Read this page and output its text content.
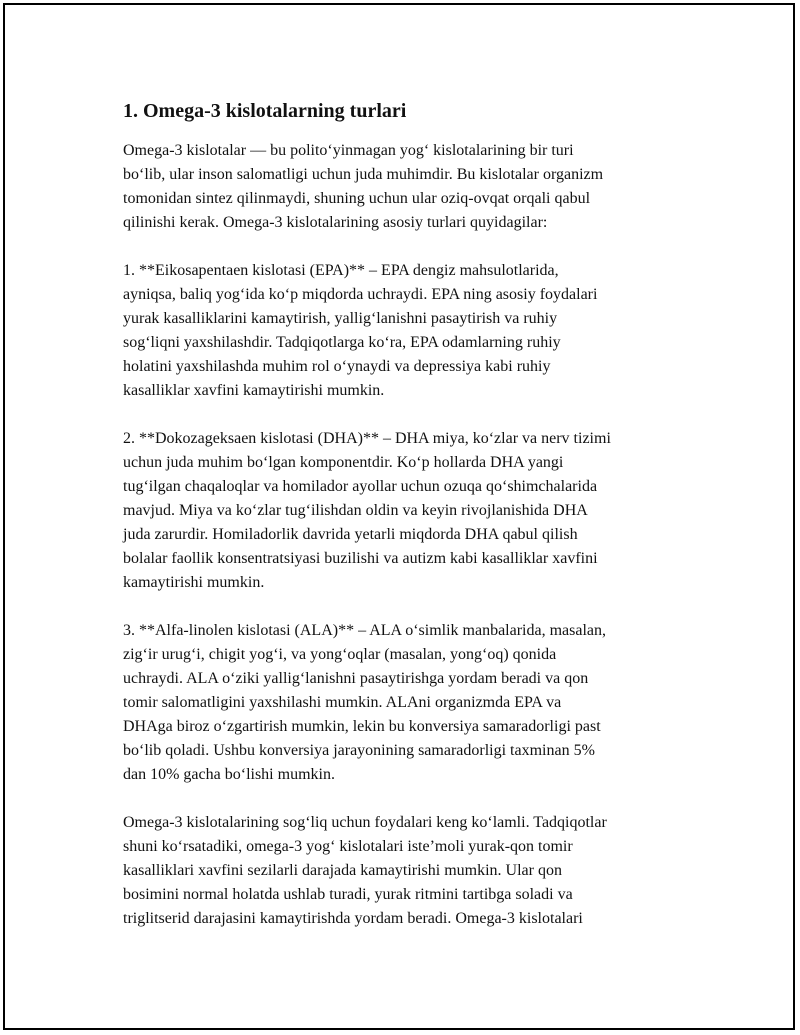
1. Omega-3 kislotalarning turlari

Omega-3 kislotalar — bu polito‘yinmagan yog‘ kislotalarining bir turi
bo‘lib, ular inson salomatligi uchun juda muhimdir. Bu kislotalar organizm
tomonidan sintez qilinmaydi, shuning uchun ular oziq-ovqat orqali qabul
qilinishi kerak. Omega-3 kislotalarining asosiy turlari quyidagilar:

1. **Eikosapentaen kislotasi (EPA)** – EPA dengiz mahsulotlarida,
ayniqsa, baliq yog‘ida ko‘p miqdorda uchraydi. EPA ning asosiy foydalari
yurak kasalliklarini kamaytirish, yallig‘lanishni pasaytirish va ruhiy
sog‘liqni yaxshilashdir. Tadqiqotlarga ko‘ra, EPA odamlarning ruhiy
holatini yaxshilashda muhim rol o‘ynaydi va depressiya kabi ruhiy
kasalliklar xavfini kamaytirishi mumkin.

2. **Dokozageksaen kislotasi (DHA)** – DHA miya, ko‘zlar va nerv tizimi
uchun juda muhim bo‘lgan komponentdir. Ko‘p hollarda DHA yangi
tug‘ilgan chaqaloqlar va homilador ayollar uchun ozuqa qo‘shimchalarida
mavjud. Miya va ko‘zlar tug‘ilishdan oldin va keyin rivojlanishida DHA
juda zarurdir. Homiladorlik davrida yetarli miqdorda DHA qabul qilish
bolalar faollik konsentratsiyasi buzilishi va autizm kabi kasalliklar xavfini
kamaytirishi mumkin.

3. **Alfa-linolen kislotasi (ALA)** – ALA o‘simlik manbalarida, masalan,
zig‘ir urug‘i, chigit yog‘i, va yong‘oqlar (masalan, yong‘oq) qonida
uchraydi. ALA o‘ziki yallig‘lanishni pasaytirishga yordam beradi va qon
tomir salomatligini yaxshilashi mumkin. ALAni organizmda EPA va
DHAga biroz o‘zgartirish mumkin, lekin bu konversiya samaradorligi past
bo‘lib qoladi. Ushbu konversiya jarayonining samaradorligi taxminan 5%
dan 10% gacha bo‘lishi mumkin.

Omega-3 kislotalarining sog‘liq uchun foydalari keng ko‘lamli. Tadqiqotlar
shuni ko‘rsatadiki, omega-3 yog‘ kislotalari iste’moli yurak-qon tomir
kasalliklari xavfini sezilarli darajada kamaytirishi mumkin. Ular qon
bosimini normal holatda ushlab turadi, yurak ritmini tartibga soladi va
triglitserid darajasini kamaytirishda yordam beradi. Omega-3 kislotalari
